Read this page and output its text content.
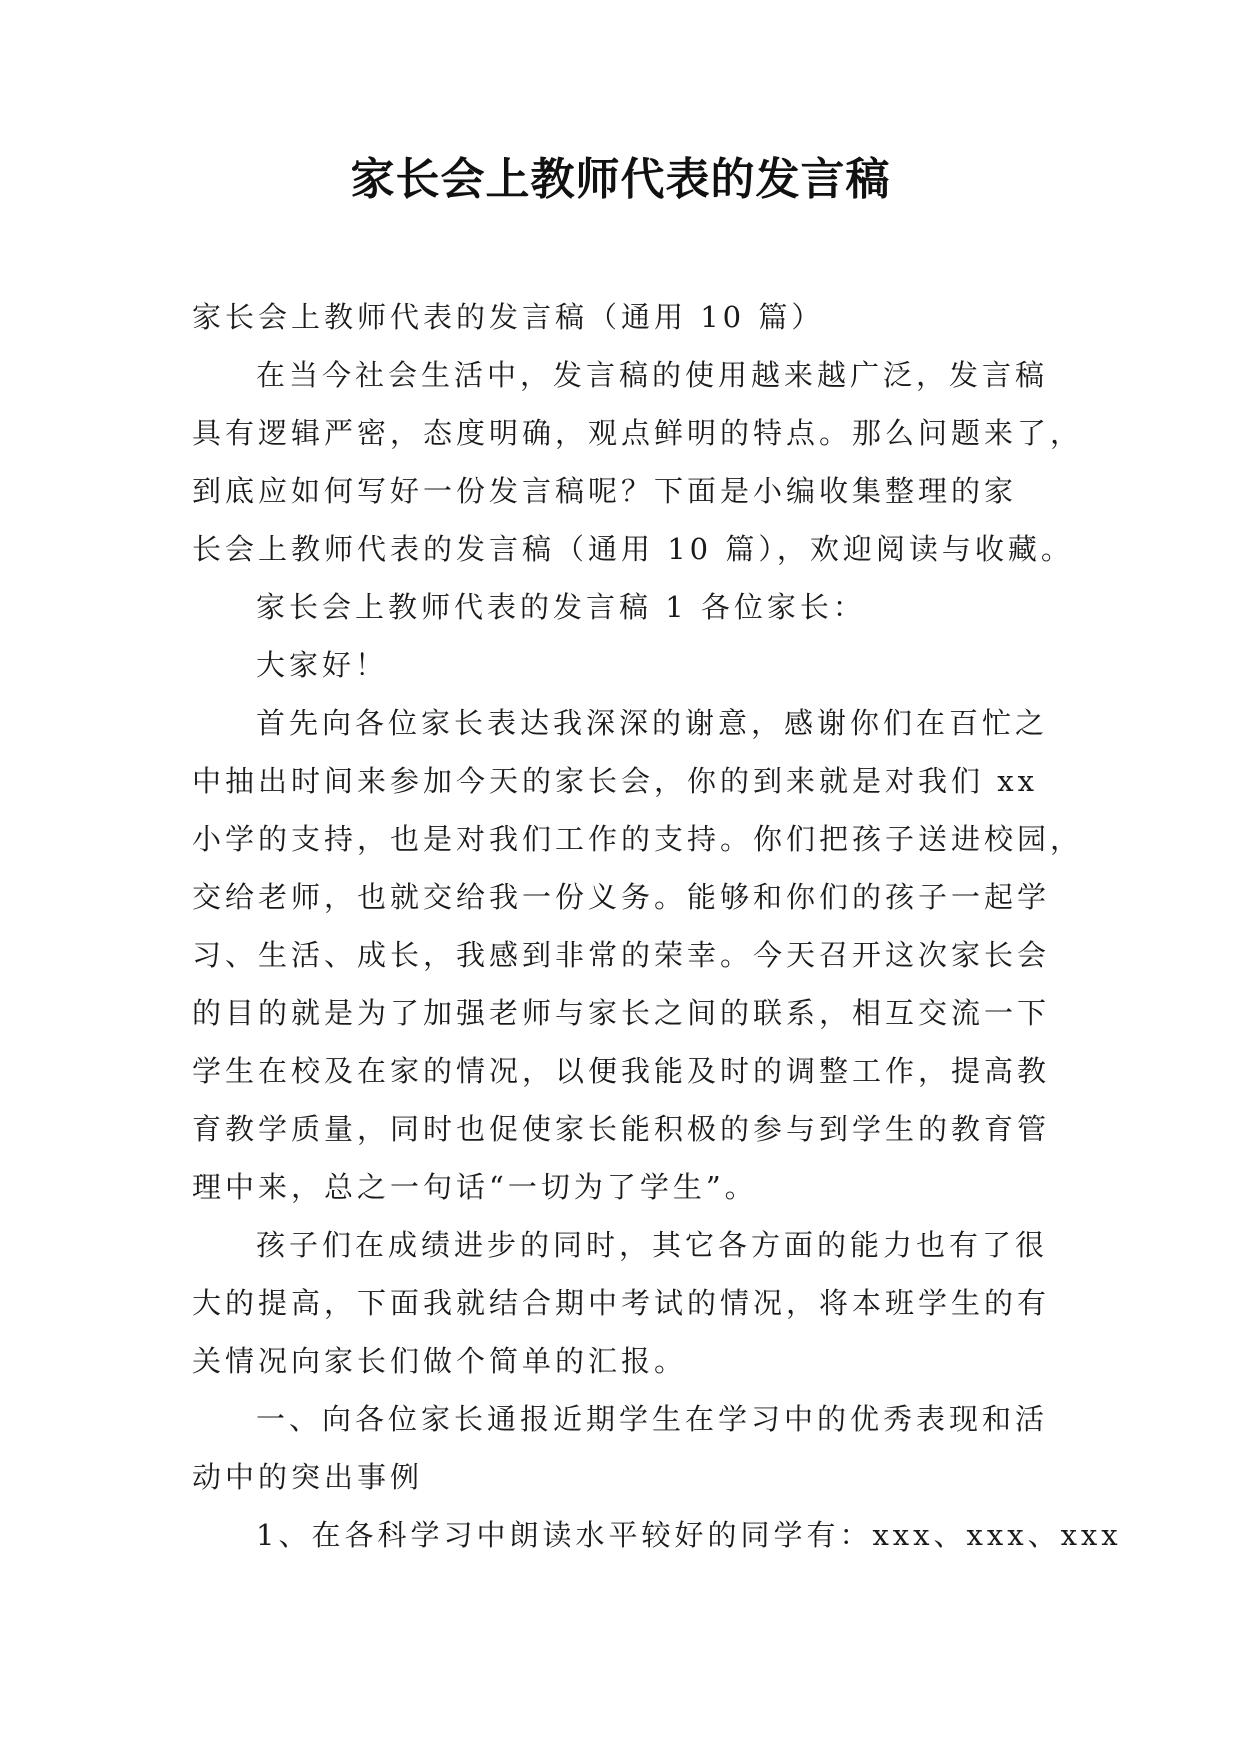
家长会上教师代表的发言稿
家长会上教师代表的发言稿（通用 10 篇）
在当今社会生活中，发言稿的使用越来越广泛，发言稿
具有逻辑严密，态度明确，观点鲜明的特点。那么问题来了，
到底应如何写好一份发言稿呢？下面是小编收集整理的家
长会上教师代表的发言稿（通用 10 篇），欢迎阅读与收藏。
家长会上教师代表的发言稿 1 各位家长：
大家好！
首先向各位家长表达我深深的谢意，感谢你们在百忙之
中抽出时间来参加今天的家长会，你的到来就是对我们 xx
小学的支持，也是对我们工作的支持。你们把孩子送进校园，
交给老师，也就交给我一份义务。能够和你们的孩子一起学
习、生活、成长，我感到非常的荣幸。今天召开这次家长会
的目的就是为了加强老师与家长之间的联系，相互交流一下
学生在校及在家的情况，以便我能及时的调整工作，提高教
育教学质量，同时也促使家长能积极的参与到学生的教育管
理中来，总之一句话“一切为了学生”。
孩子们在成绩进步的同时，其它各方面的能力也有了很
大的提高，下面我就结合期中考试的情况，将本班学生的有
关情况向家长们做个简单的汇报。
一、向各位家长通报近期学生在学习中的优秀表现和活
动中的突出事例
1、在各科学习中朗读水平较好的同学有：xxx、xxx、xxx
